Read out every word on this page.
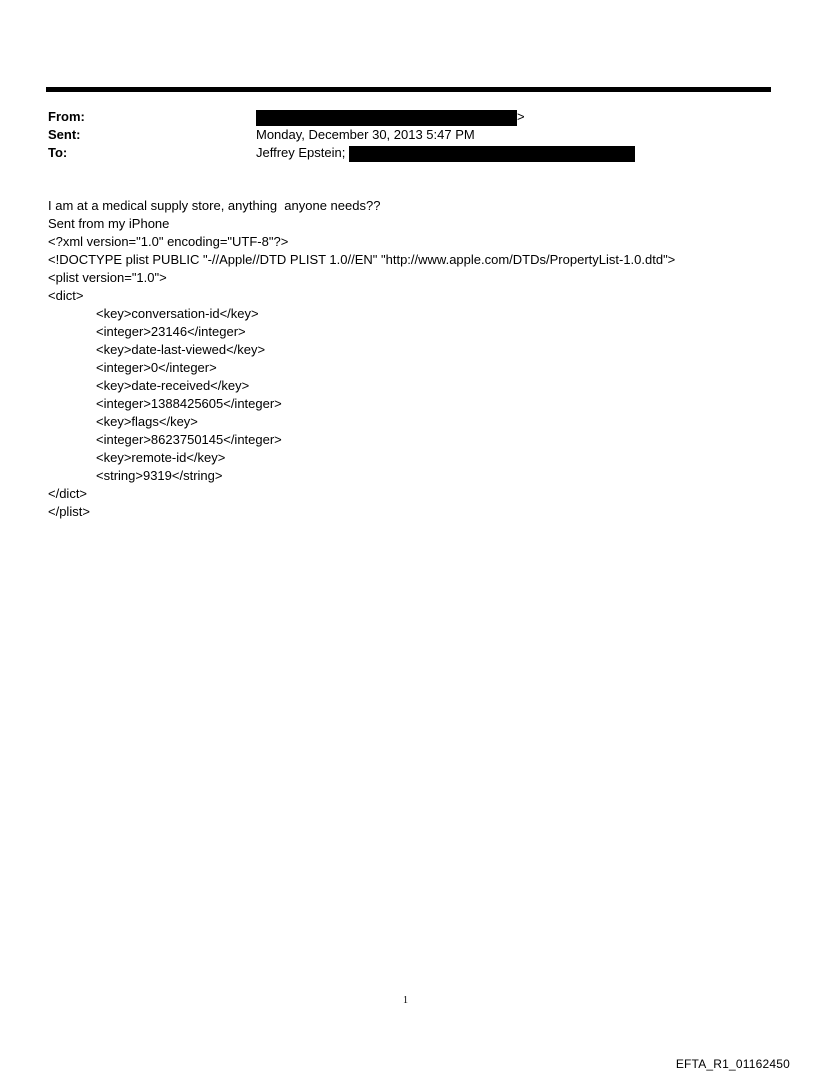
From:	>
Sent:	Monday, December 30, 2013 5:47 PM
To:	Jeffrey Epstein;
I am at a medical supply store, anything  anyone needs??
Sent from my iPhone
<?xml version="1.0" encoding="UTF-8"?>
<!DOCTYPE plist PUBLIC "-//Apple//DTD PLIST 1.0//EN" "http://www.apple.com/DTDs/PropertyList-1.0.dtd">
<plist version="1.0">
<dict>
<key>conversation-id</key>
<integer>23146</integer>
<key>date-last-viewed</key>
<integer>0</integer>
<key>date-received</key>
<integer>1388425605</integer>
<key>flags</key>
<integer>8623750145</integer>
<key>remote-id</key>
<string>9319</string>
</dict>
</plist>
1
EFTA_R1_01162450
